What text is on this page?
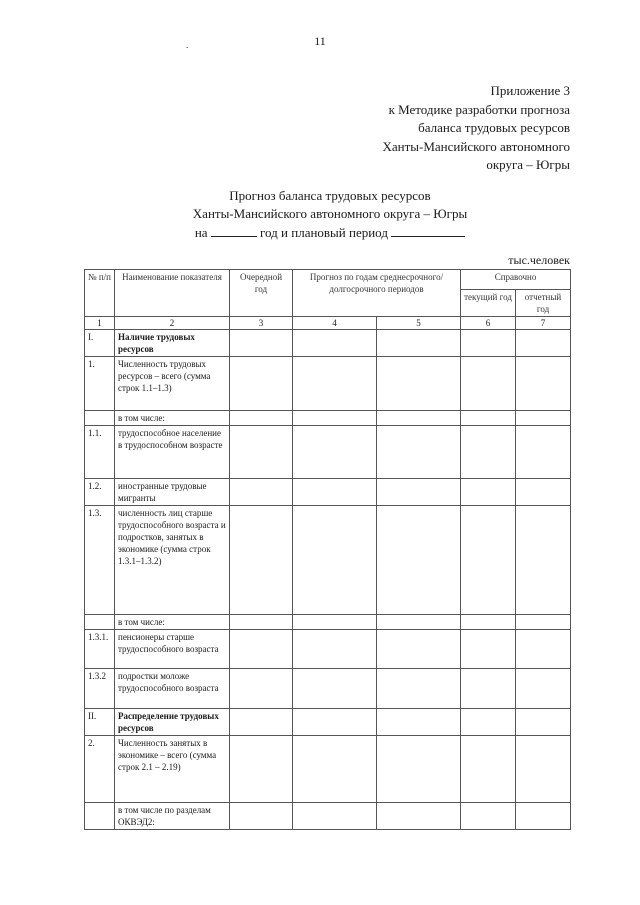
.	11
Приложение 3
к Методике разработки прогноза
баланса трудовых ресурсов
Ханты-Мансийского автономного
округа – Югры
Прогноз баланса трудовых ресурсов
Ханты-Мансийского автономного округа – Югры
на	год и плановый период
тыс.человек
№ п/п	Наименование показателя	Очередной год	Прогноз по годам среднесрочного/долгосрочного периодов		Справочно	
					текущий год	отчетный год
1	2	3	4	5	6	7
I.	Наличие трудовых ресурсов					
1.	Численность трудовых ресурсов – всего (сумма строк 1.1–1.3)					
	в том числе:					
1.1.	трудоспособное население в трудоспособном возрасте					
1.2.	иностранные трудовые мигранты					
1.3.	численность лиц старше трудоспособного возраста и подростков, занятых в экономике (сумма строк 1.3.1–1.3.2)					
	в том числе:					
1.3.1.	пенсионеры старше трудоспособного возраста					
1.3.2	подростки моложе трудоспособного возраста					
II.	Распределение трудовых ресурсов					
2.	Численность занятых в экономике – всего (сумма строк 2.1 – 2.19)					
	в том числе по разделам ОКВЭД2:					
